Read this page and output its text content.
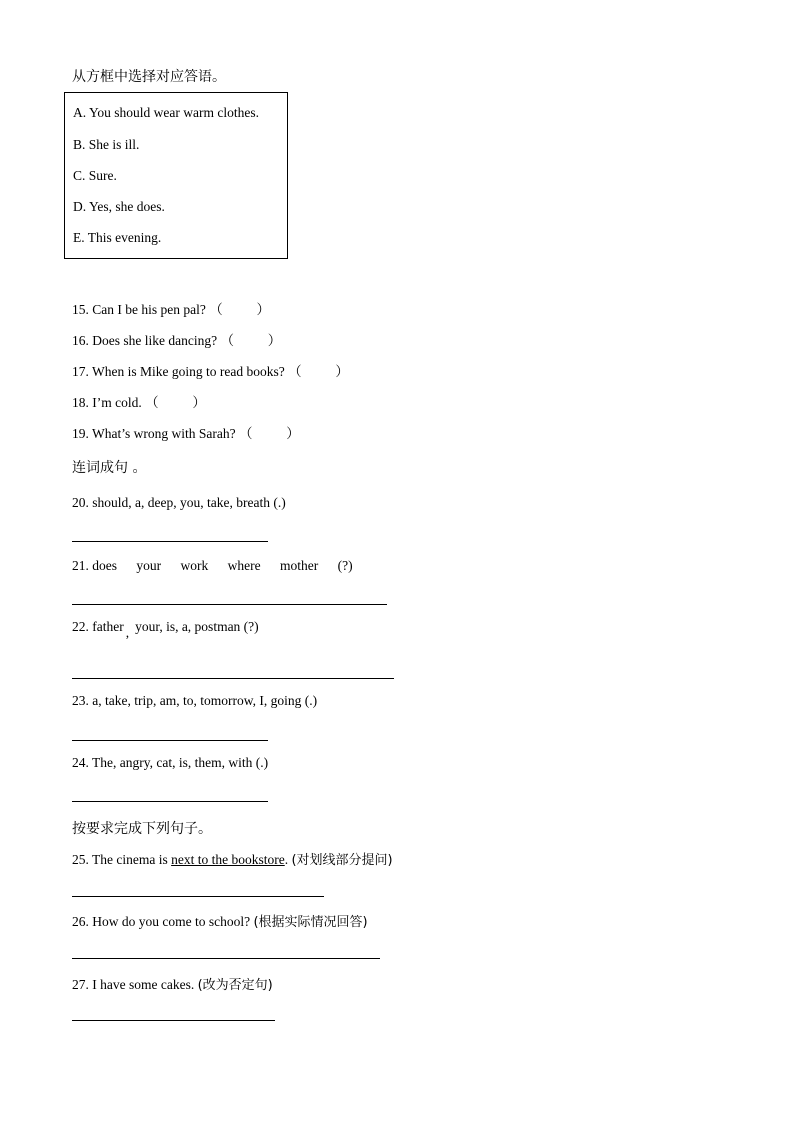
从方框中选择对应答语。
A. You should wear warm clothes.
B. She is ill.
C. Sure.
D. Yes, she does.
E. This evening.
15. Can I be his pen pal? （          ）
16. Does she like dancing? （          ）
17. When is Mike going to read books? （          ）
18. I’m cold. （          ）
19. What’s wrong with Sarah? （          ）
连词成句 。
20. should, a, deep, you, take, breath (.)
21. does your work where mother (?)
22. father , your, is, a, postman (?)
23. a, take, trip, am, to, tomorrow, I, going (.)
24. The, angry, cat, is, them, with (.)
按要求完成下列句子。
25. The cinema is next to the bookstore. (对划线部分提问)
26. How do you come to school? (根据实际情况回答)
27. I have some cakes. (改为否定句)
